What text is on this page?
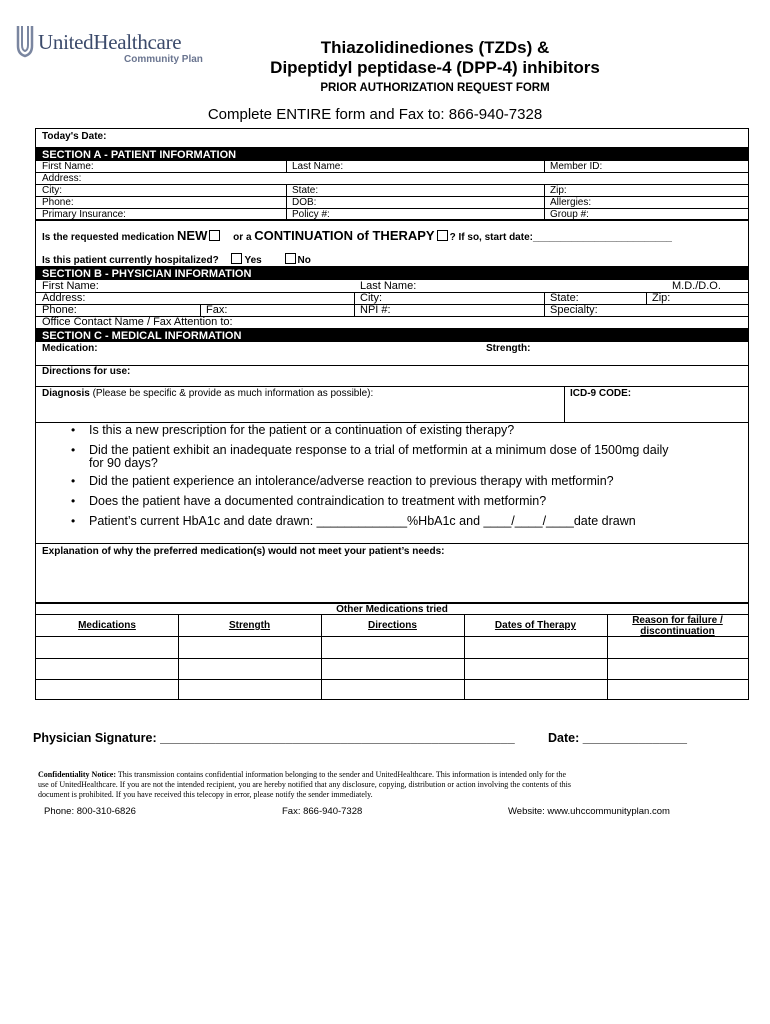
UnitedHealthcare
Community Plan
Thiazolidinediones (TZDs) &
Dipeptidyl peptidase-4 (DPP-4) inhibitors
PRIOR AUTHORIZATION REQUEST FORM
Complete ENTIRE form and Fax to: 866-940-7328
Today's Date:
SECTION A - PATIENT INFORMATION
First Name:	Last Name:	Member ID:
Address:
City:	State:	Zip:
Phone:	DOB:	Allergies:
Primary Insurance:	Policy #:	Group #:
Is the requested medication NEW	or a CONTINUATION of THERAPY ? If so, start date:_________________________
Is this patient currently hospitalized?	Yes	No
SECTION B - PHYSICIAN INFORMATION
First Name:	Last Name:	M.D./D.O.
Address:	City:	State:	Zip:
Phone:	Fax:	NPI #:	Specialty:
Office Contact Name / Fax Attention to:
SECTION C - MEDICAL INFORMATION
Medication:	Strength:
Directions for use:
Diagnosis (Please be specific & provide as much information as possible):	ICD-9 CODE:
• Is this a new prescription for the patient or a continuation of existing therapy?
• Did the patient exhibit an inadequate response to a trial of metformin at a minimum dose of 1500mg daily
for 90 days?
• Did the patient experience an intolerance/adverse reaction to previous therapy with metformin?
• Does the patient have a documented contraindication to treatment with metformin?
• Patient’s current HbA1c and date drawn: _____________%HbA1c and ____/____/____date drawn
Explanation of why the preferred medication(s) would not meet your patient’s needs:
Other Medications tried
Medications	Strength	Directions	Dates of Therapy	Reason for failure /
discontinuation
Physician Signature: ___________________________________________________	Date: _______________
Confidentiality Notice: This transmission contains confidential information belonging to the sender and UnitedHealthcare. This information is intended only for the
use of UnitedHealthcare. If you are not the intended recipient, you are hereby notified that any disclosure, copying, distribution or action involving the contents of this
document is prohibited. If you have received this telecopy in error, please notify the sender immediately.
Phone: 800-310-6826	Fax: 866-940-7328	Website: www.uhccommunityplan.com
